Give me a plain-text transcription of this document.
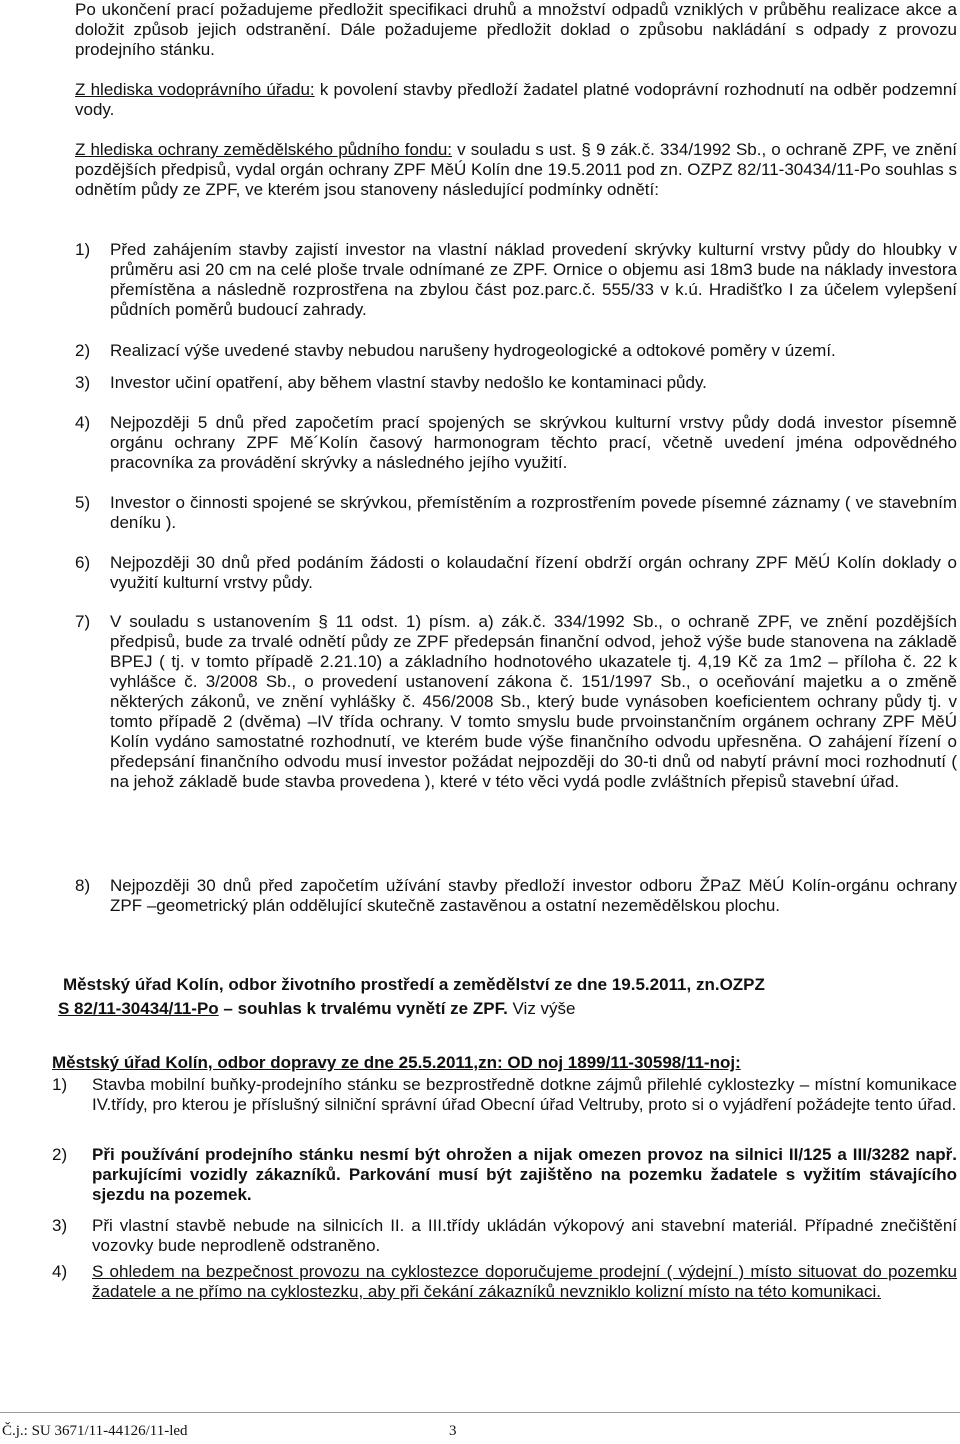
Po ukončení prací požadujeme předložit specifikaci druhů a množství odpadů vzniklých v průběhu realizace akce a doložit způsob jejich odstranění. Dále požadujeme předložit doklad o způsobu nakládání s odpady z provozu prodejního stánku.

Z hlediska vodoprávního úřadu: k povolení stavby předloží žadatel platné vodoprávní rozhodnutí na odběr podzemní vody.

Z hlediska ochrany zemědělského půdního fondu: v souladu s ust. § 9 zák.č. 334/1992 Sb., o ochraně ZPF, ve znění pozdějších předpisů, vydal orgán ochrany ZPF MěÚ Kolín dne 19.5.2011 pod zn. OZPZ 82/11-30434/11-Po souhlas s odnětím půdy ze ZPF, ve kterém jsou stanoveny následující podmínky odnětí:

1)	Před zahájením stavby zajistí investor na vlastní náklad provedení skrývky kulturní vrstvy půdy do hloubky v průměru asi 20 cm na celé ploše trvale odnímané ze ZPF. Ornice o objemu asi 18m3 bude na náklady investora přemístěna a následně rozprostřena na zbylou část poz.parc.č. 555/33 v k.ú. Hradišťko I za účelem vylepšení půdních poměrů budoucí zahrady.
2)	Realizací výše uvedené stavby nebudou narušeny hydrogeologické a odtokové poměry v území.
3)	Investor učiní opatření, aby během vlastní stavby nedošlo ke kontaminaci půdy.
4)	Nejpozději 5 dnů před započetím prací spojených se skrývkou kulturní vrstvy půdy dodá investor písemně orgánu ochrany ZPF Mě´Kolín časový harmonogram těchto prací, včetně uvedení jména odpovědného pracovníka za provádění skrývky a následného jejího využití.
5)	Investor o činnosti spojené se skrývkou, přemístěním a rozprostřením povede písemné záznamy ( ve stavebním deníku ).
6)	Nejpozději 30 dnů před podáním žádosti o kolaudační řízení obdrží orgán ochrany ZPF MěÚ Kolín doklady o využití kulturní vrstvy půdy.
7)	V souladu s ustanovením § 11 odst. 1) písm. a) zák.č. 334/1992 Sb., o ochraně ZPF, ve znění pozdějších předpisů, bude za trvalé odnětí půdy ze ZPF předepsán finanční odvod, jehož výše bude stanovena na základě BPEJ ( tj. v tomto případě 2.21.10) a základního hodnotového ukazatele tj. 4,19 Kč za 1m2 – příloha č. 22 k vyhlášce č. 3/2008 Sb., o provedení ustanovení zákona č. 151/1997 Sb., o oceňování majetku a o změně některých zákonů, ve znění vyhlášky č. 456/2008 Sb., který bude vynásoben koeficientem ochrany půdy tj. v tomto případě 2 (dvěma) –IV třída ochrany. V tomto smyslu bude prvoinstančním orgánem ochrany ZPF MěÚ Kolín vydáno samostatné rozhodnutí, ve kterém bude výše finančního odvodu upřesněna. O zahájení řízení o předepsání finančního odvodu musí investor požádat nejpozději do 30-ti dnů od nabytí právní moci rozhodnutí ( na jehož základě bude stavba provedena ), které v této věci vydá podle zvláštních přepisů stavební úřad.
8)	Nejpozději 30 dnů před započetím užívání stavby předloží investor odboru ŽPaZ MěÚ Kolín-orgánu ochrany ZPF –geometrický plán oddělující skutečně zastavěnou a ostatní nezemědělskou plochu.

Městský úřad Kolín, odbor životního prostředí a zemědělství ze dne 19.5.2011, zn.OZPZ

S 82/11-30434/11-Po – souhlas k trvalému vynětí ze ZPF. Viz výše

Městský úřad Kolín, odbor dopravy ze dne 25.5.2011,zn: OD noj 1899/11-30598/11-noj:

1)	Stavba mobilní buňky-prodejního stánku se bezprostředně dotkne zájmů přilehlé cyklostezky – místní komunikace IV.třídy, pro kterou je příslušný silniční správní úřad Obecní úřad Veltruby, proto si o vyjádření požádejte tento úřad.
2)	Při používání prodejního stánku nesmí být ohrožen a nijak omezen provoz na silnici II/125 a III/3282 např. parkujícími vozidly zákazníků. Parkování musí být zajištěno na pozemku žadatele s vyžitím stávajícího sjezdu na pozemek.
3)	Při vlastní stavbě nebude na silnicích II. a III.třídy ukládán výkopový ani stavební materiál. Případné znečištění vozovky bude neprodleně odstraněno.
4)	S ohledem na bezpečnost provozu na cyklostezce doporučujeme prodejní ( výdejní ) místo situovat do pozemku žadatele a ne přímo na cyklostezku, aby při čekání zákazníků nevzniklo kolizní místo na této komunikaci.
Č.j.: SU 3671/11-44126/11-led	3
